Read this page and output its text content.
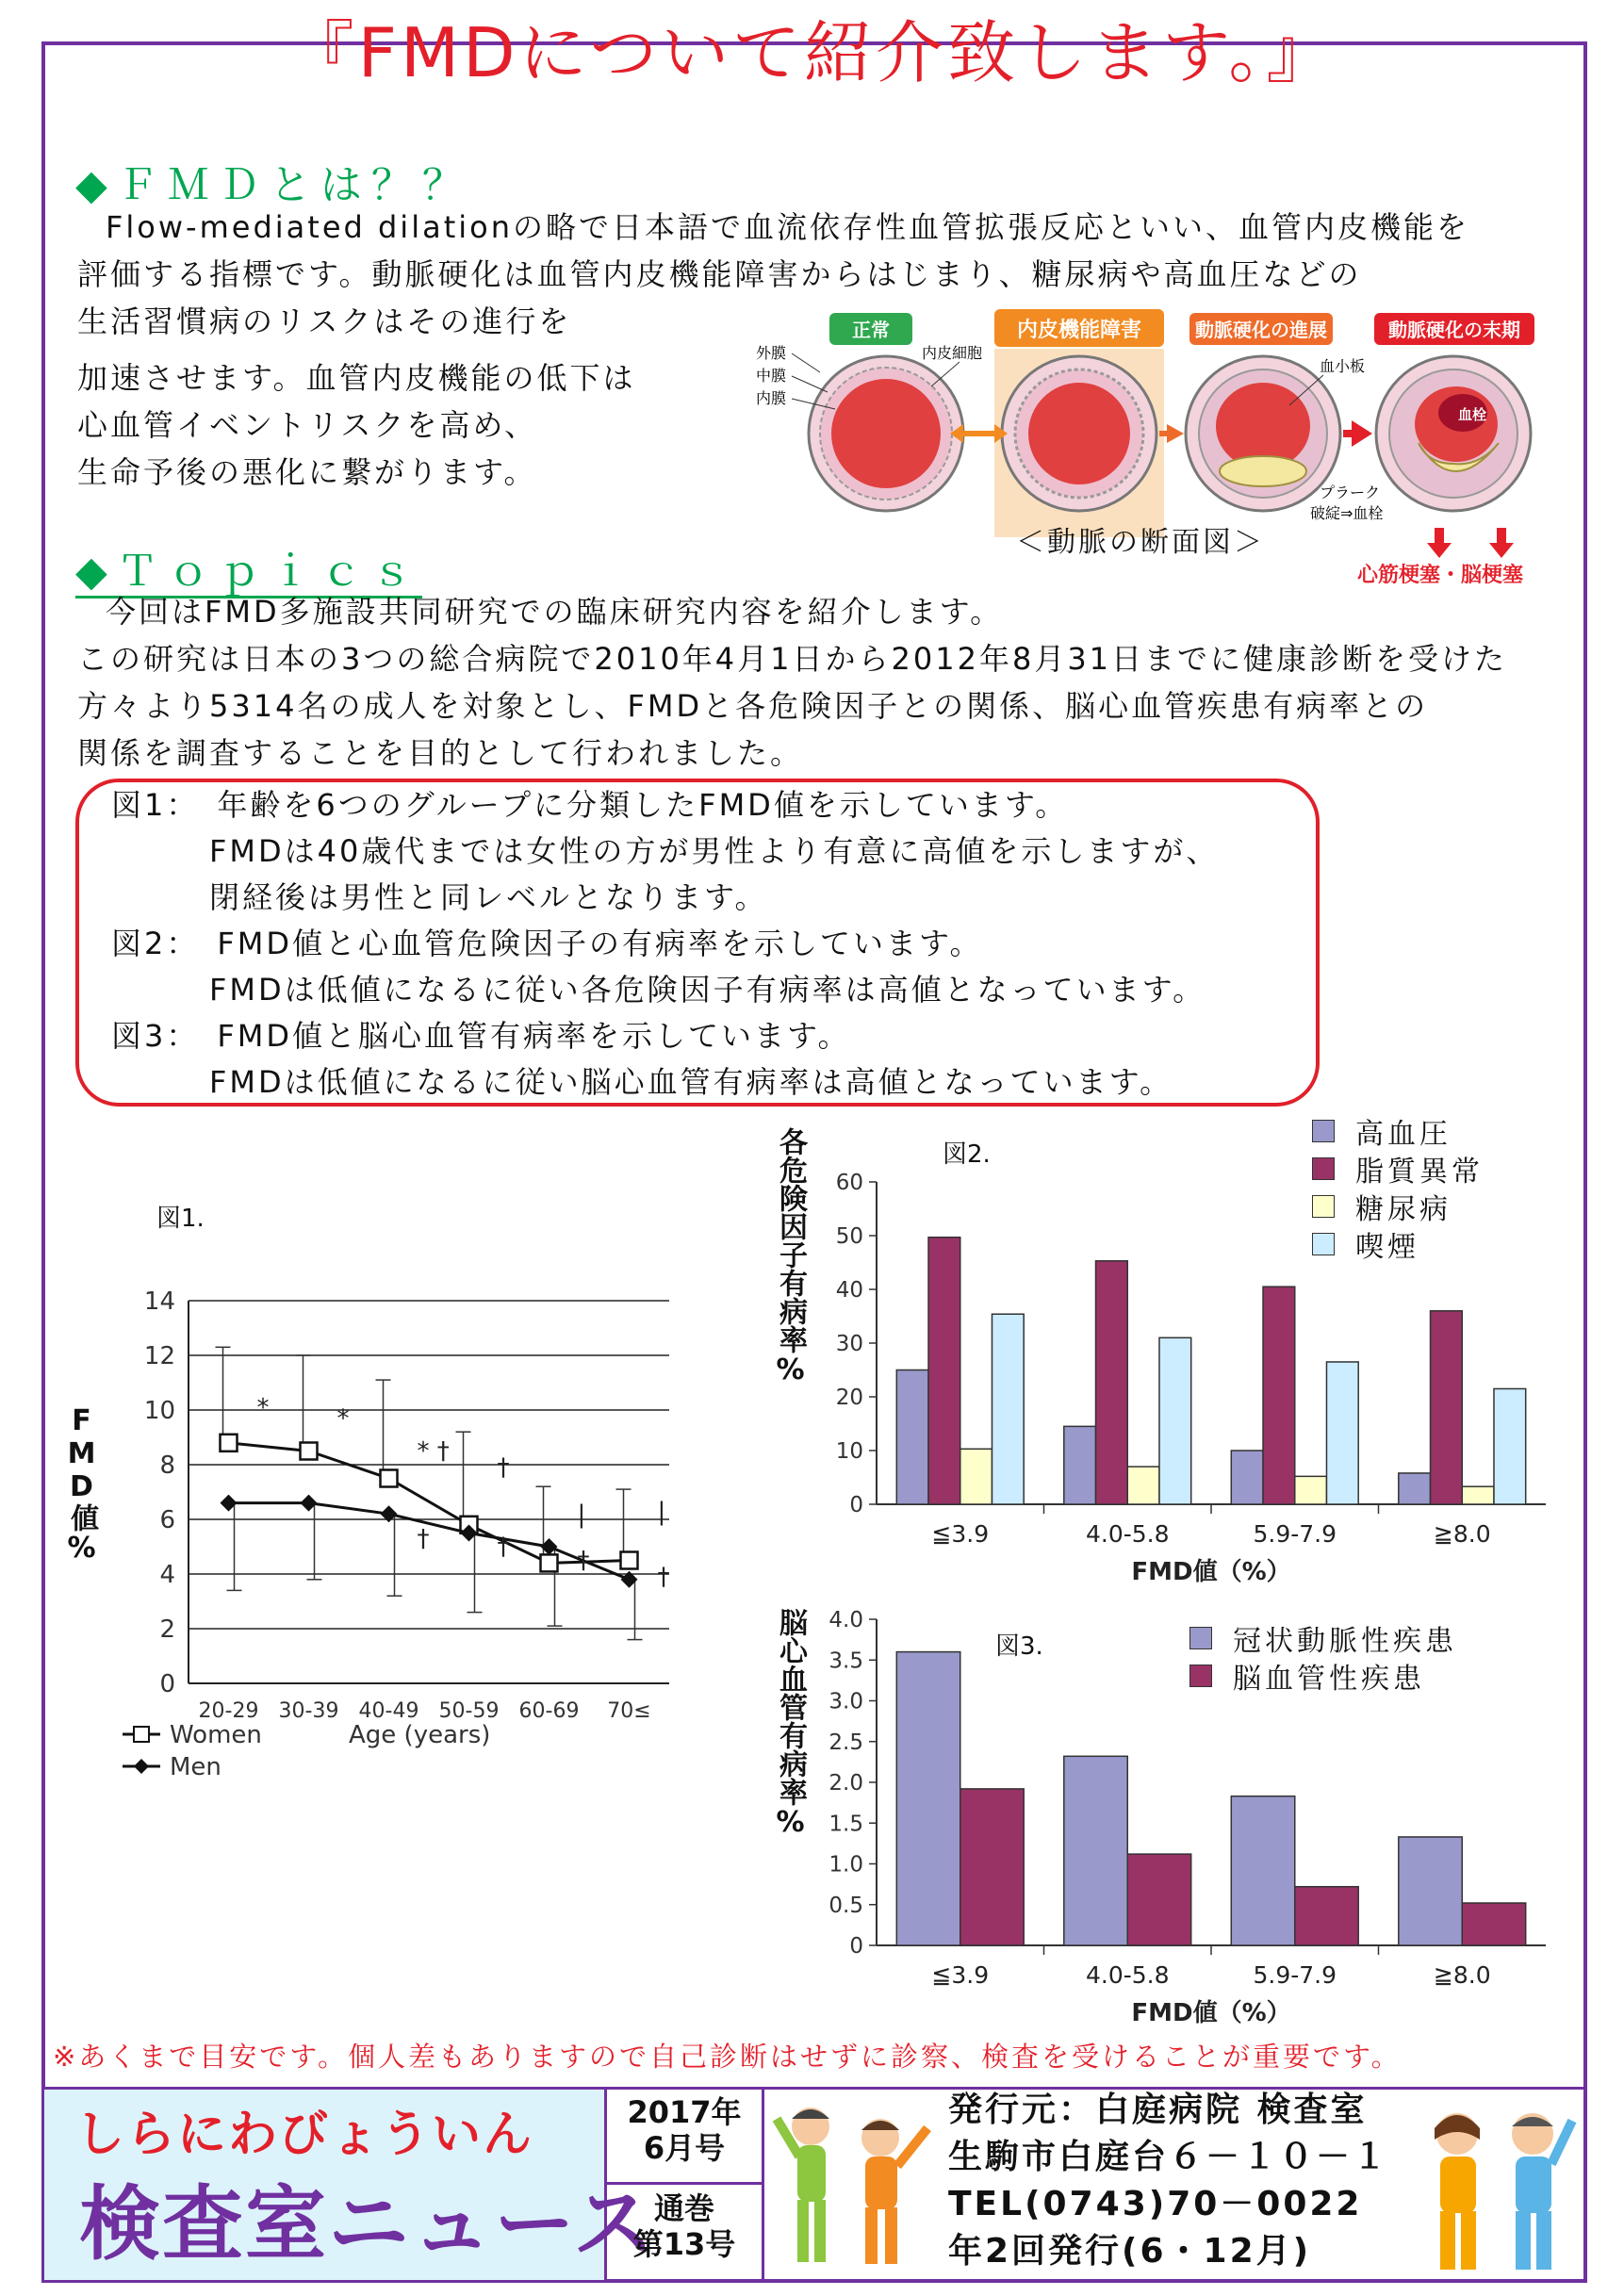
『FMDについて紹介致します。』
◆ＦＭＤとは？？
Flow-mediated dilationの略で日本語で血流依存性血管拡張反応といい、血管内皮機能を
評価する指標です。動脈硬化は血管内皮機能障害からはじまり、糖尿病や高血圧などの
生活習慣病のリスクはその進行を
加速させます。血管内皮機能の低下は
心血管イベントリスクを高め、
生命予後の悪化に繋がります。
正常	内皮機能障害	動脈硬化の進展	動脈硬化の末期
血栓
外膜
中膜
内膜
内皮細胞
血小板
プラーク
破綻⇒血栓
心筋梗塞・脳梗塞
＜動脈の断面図＞
◆Ｔｏｐｉｃｓ
今回はFMD多施設共同研究での臨床研究内容を紹介します。
この研究は日本の3つの総合病院で2010年4月1日から2012年8月31日までに健康診断を受けた
方々より5314名の成人を対象とし、FMDと各危険因子との関係、脳心血管疾患有病率との
関係を調査することを目的として行われました。
図1：　年齢を6つのグループに分類したFMD値を示しています。
FMDは40歳代までは女性の方が男性より有意に高値を示しますが、
閉経後は男性と同レベルとなります。
図2：　FMD値と心血管危険因子の有病率を示しています。
FMDは低値になるに従い各危険因子有病率は高値となっています。
図3：　FMD値と脳心血管有病率を示しています。
FMDは低値になるに従い脳心血管有病率は高値となっています。
図1.
FMD値%
0
2
4
6
8
10
12
14
20-29 30-39 40-49 50-59 60-69 70≤
*	*
* †
†
†	†
|
†
|
†
Women
Men
Age (years)
各危険因子有病率%	図2.
0
10
20
30
40
50
60
≦3.9	4.0-5.8	5.9-7.9	≧8.0
FMD値（%）
高血圧
脂質異常
糖尿病
喫煙
脳心血管有病率%	図3.
0
0.5
1.0
1.5
2.0
2.5
3.0
3.5
4.0
≦3.9	4.0-5.8	5.9-7.9	≧8.0
FMD値（%）
冠状動脈性疾患
脳血管性疾患
※あくまで目安です。個人差もありますので自己診断はせずに診察、検査を受けることが重要です。
しらにわびょういん
検査室ニュース
2017年
6月号
通巻
第13号
発行元：白庭病院 検査室
生駒市白庭台６－１０－１
TEL(0743)70－0022
年2回発行(6・12月)
